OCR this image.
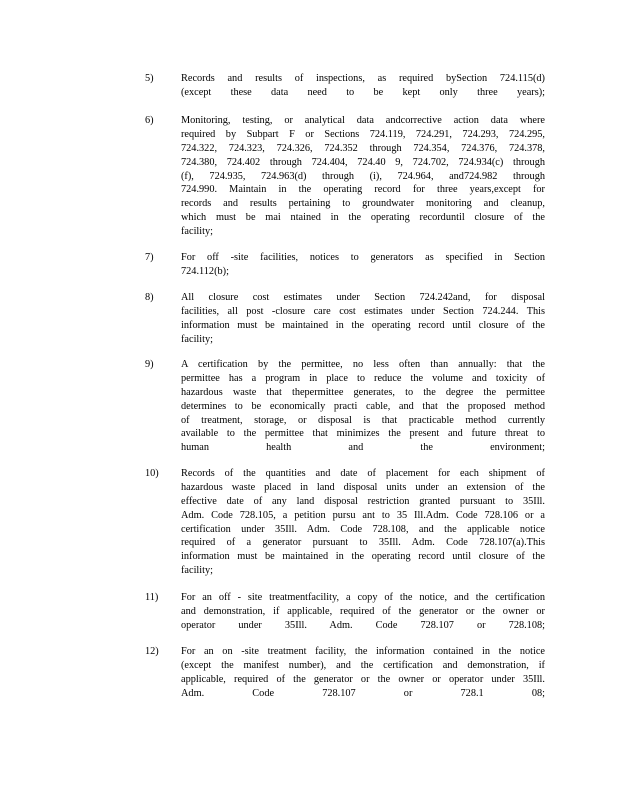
5)	Records and results of inspections, as required bySection 724.115(d)
(except these data need to be kept only three years);
6)	Monitoring, testing, or analytical data andcorrective action data where
required by Subpart F or Sections 724.119, 724.291, 724.293, 724.295,
724.322, 724.323, 724.326, 724.352 through 724.354, 724.376, 724.378,
724.380, 724.402 through 724.404, 724.40 9, 724.702, 724.934(c) through
(f), 724.935, 724.963(d) through (i), 724.964, and724.982 through
724.990. Maintain in the operating record for three years,except for
records and results pertaining to groundwater monitoring and cleanup,
which must be mai ntained in the operating recorduntil closure of the
facility;
7)	For off -site facilities, notices to generators as specified in Section
724.112(b);
8)	All closure cost estimates under Section 724.242and, for disposal
facilities, all post -closure care cost estimates under Section 724.244. This
information must be maintained in the operating record until closure of the
facility;
9)	A certification by the permittee, no less often than annually: that the
permittee has a program in place to reduce the volume and toxicity of
hazardous waste that thepermittee generates, to the degree the permittee
determines to be economically practi cable, and that the proposed method
of treatment, storage, or disposal is that practicable method currently
available to the permittee that minimizes the present and future threat to
human health and the environment;
10) Records of the quantities and date of placement for each shipment of
hazardous waste placed in land disposal units under an extension of the
effective date of any land disposal restriction granted pursuant to 35Ill.
Adm. Code 728.105, a petition pursu ant to 35 Ill.Adm. Code 728.106 or a
certification under 35Ill. Adm. Code 728.108, and the applicable notice
required of a generator pursuant to 35Ill. Adm. Code 728.107(a).This
information must be maintained in the operating record until closure of the
facility;
11) For an off - site treatmentfacility, a copy of the notice, and the certification
and demonstration, if applicable, required of the generator or the owner or
operator under 35Ill. Adm. Code 728.107 or 728.108;
12) For an on -site treatment facility, the information contained in the notice
(except the manifest number), and the certification and demonstration, if
applicable, required of the generator or the owner or operator under 35Ill.
Adm. Code 728.107 or 728.1 08;
